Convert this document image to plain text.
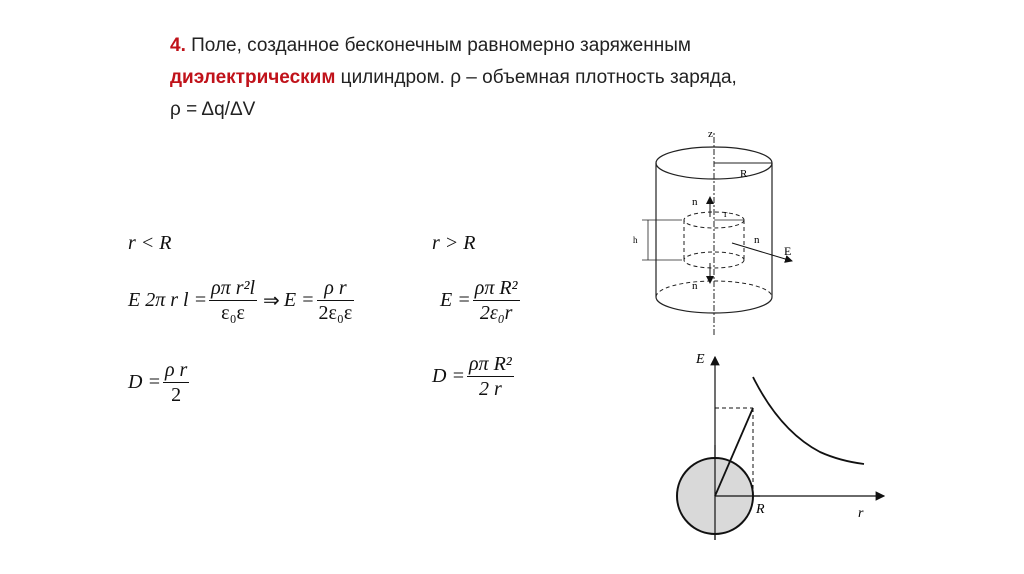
4. Поле, созданное бесконечным равномерно заряженным
диэлектрическим цилиндром. ρ – объемная плотность заряда,
ρ = Δq/ΔV
r < R
E 2π r $l = \frac{\text{ρπ r²l}}{\text{ε₀ε}}$ ⇒ $E = \frac{\text{ρ r}}{\text{2ε₀ε}}$
$D = \frac{\text{ρ r}}{2}$
r > R
$E = \frac{\text{ρπ R²}}{\text{2ε₀r}}$
$D = \frac{\text{ρπ R²}}{2 r}$
z
R
r
h
n
n
n
E
E
r
R
